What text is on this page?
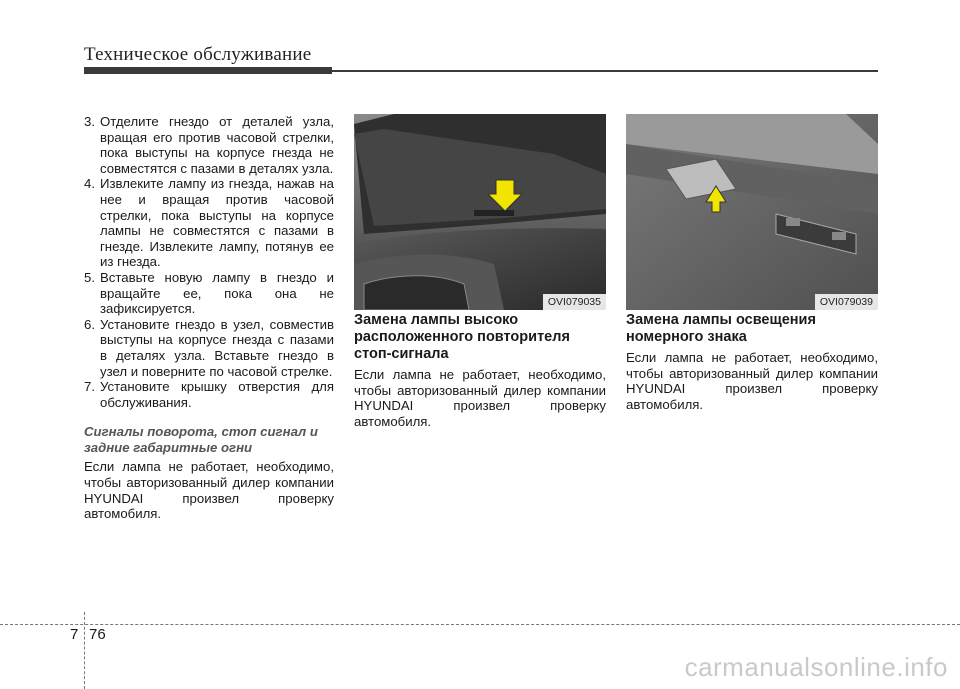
Техническое обслуживание
3. Отделите гнездо от деталей узла, вращая его против часовой стрелки, пока выступы на корпусе гнезда не совместятся с пазами в деталях узла.
4. Извлеките лампу из гнезда, нажав на нее и вращая против часовой стрелки, пока выступы на корпусе лампы не совместятся с пазами в гнезде. Извлеките лампу, потянув ее из гнезда.
5. Вставьте новую лампу в гнездо и вращайте ее, пока она не зафиксируется.
6. Установите гнездо в узел, совместив выступы на корпусе гнезда с пазами в деталях узла. Вставьте гнездо в узел и поверните по часовой стрелке.
7. Установите крышку отверстия для обслуживания.
Сигналы поворота, стоп сигнал и задние габаритные огни
Если лампа не работает, необходимо, чтобы авторизованный дилер компании HYUNDAI произвел проверку автомобиля.
OVI079035	OVI079039
Замена лампы высоко расположенного повторителя стоп-сигнала
Если лампа не работает, необходимо, чтобы авторизованный дилер компании HYUNDAI произвел проверку автомобиля.
Замена лампы освещения номерного знака
Если лампа не работает, необходимо, чтобы авторизованный дилер компании HYUNDAI произвел проверку автомобиля.
7 76
carmanualsonline.info
